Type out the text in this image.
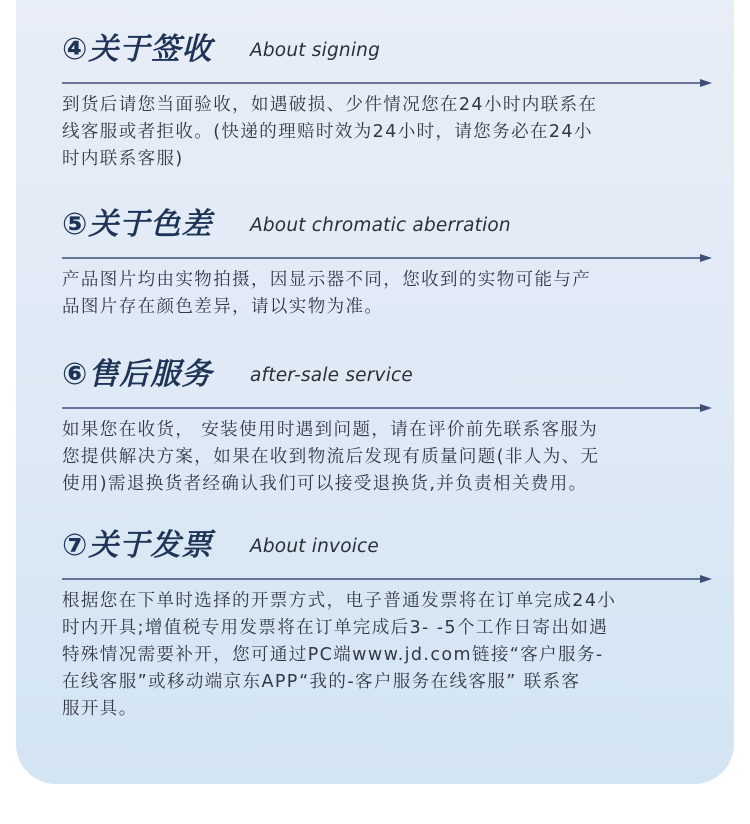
④关于签收 About signing
到货后请您当面验收，如遇破损、少件情况您在24小时内联系在
线客服或者拒收。(快递的理赔时效为24小时，请您务必在24小
时内联系客服)
⑤关于色差 About chromatic aberration
产品图片均由实物拍摄，因显示器不同，您收到的实物可能与产
品图片存在颜色差异，请以实物为准。
⑥售后服务 after-sale service
如果您在收货， 安装使用时遇到问题，请在评价前先联系客服为
您提供解决方案，如果在收到物流后发现有质量问题(非人为、无
使用)需退换货者经确认我们可以接受退换货,并负责相关费用。
⑦关于发票 About invoice
根据您在下单时选择的开票方式，电子普通发票将在订单完成24小
时内开具;增值税专用发票将在订单完成后3- -5个工作日寄出如遇
特殊情况需要补开，您可通过PC端www.jd.com链接“客户服务-
在线客服”或移动端京东APP“我的-客户服务在线客服” 联系客
服开具。
